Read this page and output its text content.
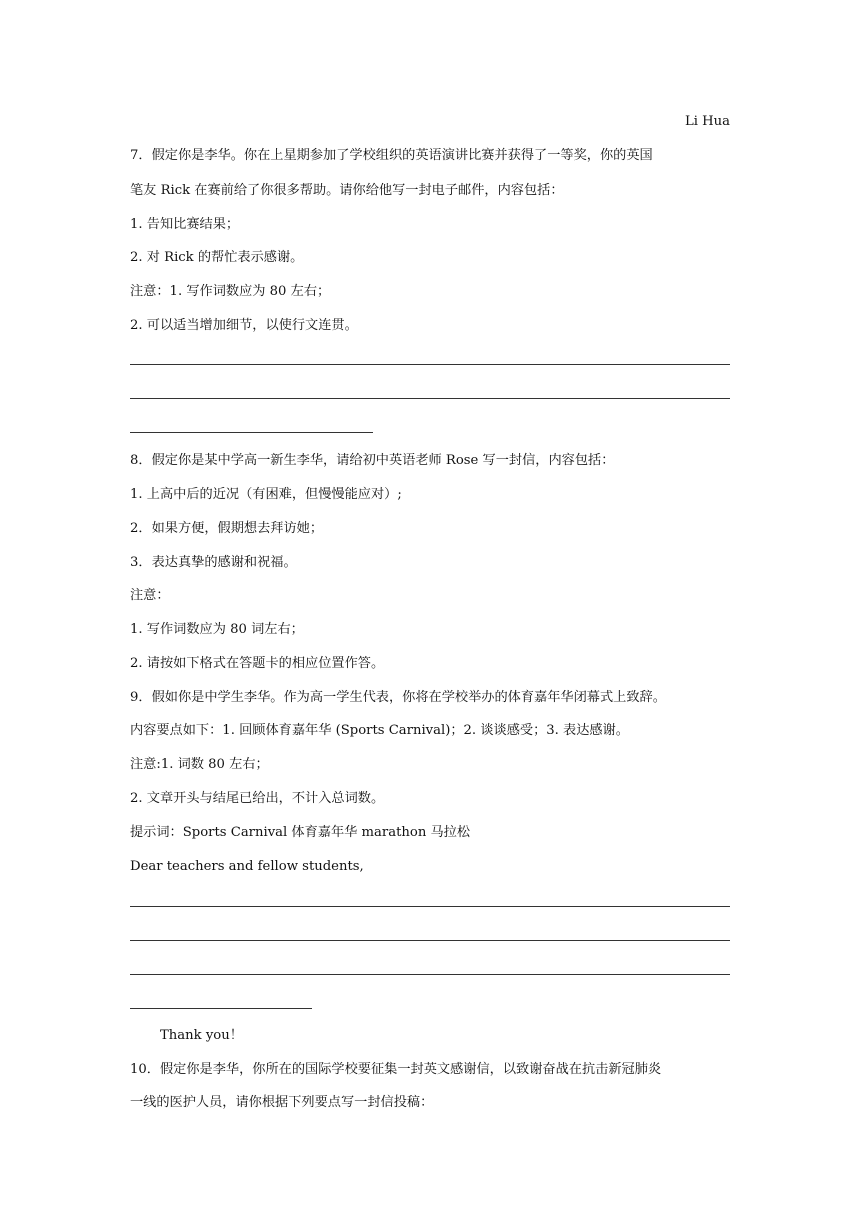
Li Hua
7．假定你是李华。你在上星期参加了学校组织的英语演讲比赛并获得了一等奖，你的英国
笔友 Rick 在赛前给了你很多帮助。请你给他写一封电子邮件，内容包括：
1. 告知比赛结果；
2. 对 Rick 的帮忙表示感谢。
注意：1. 写作词数应为 80 左右；
2. 可以适当增加细节，以使行文连贯。
8．假定你是某中学高一新生李华，请给初中英语老师 Rose 写一封信，内容包括：
1. 上高中后的近况（有困难，但慢慢能应对）;
2．如果方便，假期想去拜访她；
3．表达真挚的感谢和祝福。
注意：
1. 写作词数应为 80 词左右；
2. 请按如下格式在答题卡的相应位置作答。
9．假如你是中学生李华。作为高一学生代表，你将在学校举办的体育嘉年华闭幕式上致辞。
内容要点如下：1. 回顾体育嘉年华 (Sports Carnival)；2. 谈谈感受；3. 表达感谢。
注意:1. 词数 80 左右；
2. 文章开头与结尾已给出，不计入总词数。
提示词：Sports Carnival 体育嘉年华 marathon 马拉松
Dear teachers and fellow students,
Thank you！
10．假定你是李华，你所在的国际学校要征集一封英文感谢信，以致谢奋战在抗击新冠肺炎
一线的医护人员，请你根据下列要点写一封信投稿：
